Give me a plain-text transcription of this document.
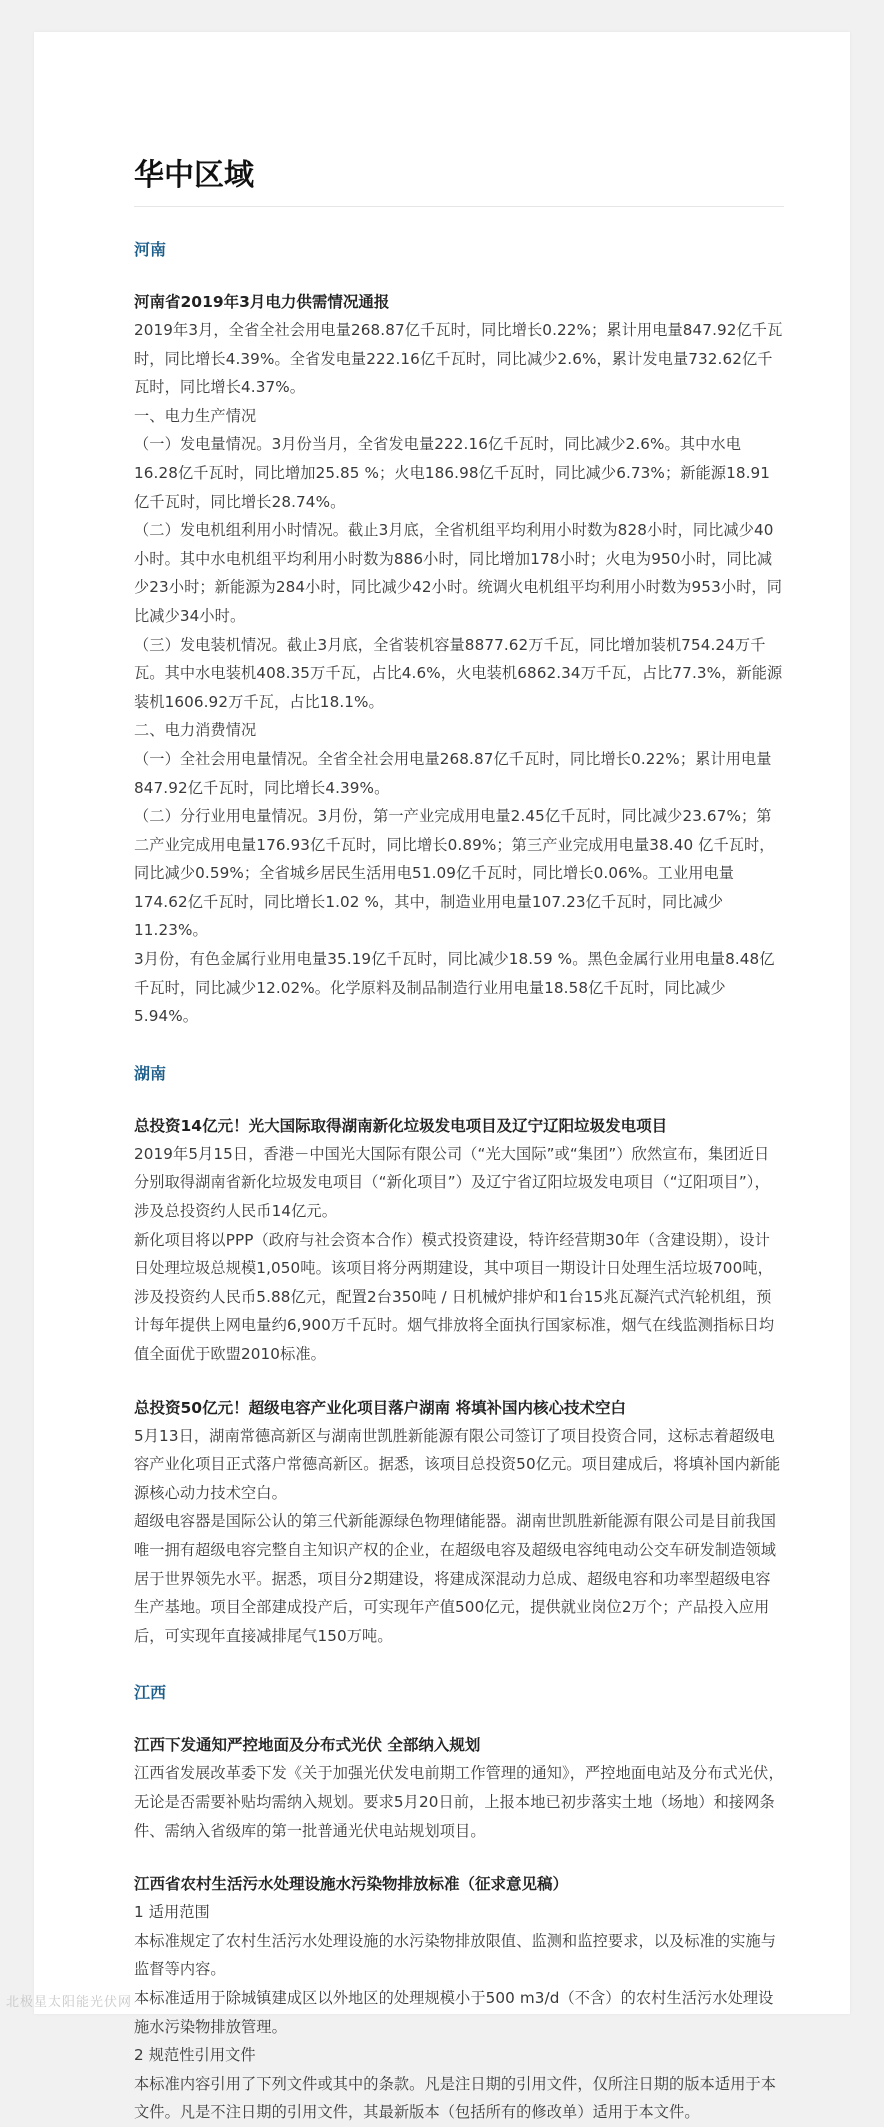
华中区域
河南

河南省2019年3月电力供需情况通报

2019年3月，全省全社会用电量268.87亿千瓦时，同比增长0.22%；累计用电量847.92亿千瓦时，同比增长4.39%。全省发电量222.16亿千瓦时，同比减少2.6%，累计发电量732.62亿千瓦时，同比增长4.37%。

一、电力生产情况

（一）发电量情况。3月份当月，全省发电量222.16亿千瓦时，同比减少2.6%。其中水电16.28亿千瓦时，同比增加25.85 %；火电186.98亿千瓦时，同比减少6.73%；新能源18.91亿千瓦时，同比增长28.74%。

（二）发电机组利用小时情况。截止3月底，全省机组平均利用小时数为828小时，同比减少40小时。其中水电机组平均利用小时数为886小时，同比增加178小时；火电为950小时，同比减少23小时；新能源为284小时，同比减少42小时。统调火电机组平均利用小时数为953小时，同比减少34小时。

（三）发电装机情况。截止3月底，全省装机容量8877.62万千瓦，同比增加装机754.24万千瓦。其中水电装机408.35万千瓦，占比4.6%，火电装机6862.34万千瓦，占比77.3%，新能源装机1606.92万千瓦，占比18.1%。

二、电力消费情况

（一）全社会用电量情况。全省全社会用电量268.87亿千瓦时，同比增长0.22%；累计用电量847.92亿千瓦时，同比增长4.39%。

（二）分行业用电量情况。3月份，第一产业完成用电量2.45亿千瓦时，同比减少23.67%；第二产业完成用电量176.93亿千瓦时，同比增长0.89%；第三产业完成用电量38.40 亿千瓦时，同比减少0.59%；全省城乡居民生活用电51.09亿千瓦时，同比增长0.06%。工业用电量174.62亿千瓦时，同比增长1.02 %，其中，制造业用电量107.23亿千瓦时，同比减少11.23%。

3月份，有色金属行业用电量35.19亿千瓦时，同比减少18.59 %。黑色金属行业用电量8.48亿千瓦时，同比减少12.02%。化学原料及制品制造行业用电量18.58亿千瓦时，同比减少5.94%。

湖南

总投资14亿元！光大国际取得湖南新化垃圾发电项目及辽宁辽阳垃圾发电项目

2019年5月15日，香港－中国光大国际有限公司（“光大国际”或“集团”）欣然宣布，集团近日分别取得湖南省新化垃圾发电项目（“新化项目”）及辽宁省辽阳垃圾发电项目（“辽阳项目”），涉及总投资约人民币14亿元。

新化项目将以PPP（政府与社会资本合作）模式投资建设，特许经营期30年（含建设期），设计日处理垃圾总规模1,050吨。该项目将分两期建设，其中项目一期设计日处理生活垃圾700吨，涉及投资约人民币5.88亿元，配置2台350吨 / 日机械炉排炉和1台15兆瓦凝汽式汽轮机组，预计每年提供上网电量约6,900万千瓦时。烟气排放将全面执行国家标准，烟气在线监测指标日均值全面优于欧盟2010标准。

总投资50亿元！超级电容产业化项目落户湖南 将填补国内核心技术空白

5月13日，湖南常德高新区与湖南世凯胜新能源有限公司签订了项目投资合同，这标志着超级电容产业化项目正式落户常德高新区。据悉，该项目总投资50亿元。项目建成后，将填补国内新能源核心动力技术空白。

超级电容器是国际公认的第三代新能源绿色物理储能器。湖南世凯胜新能源有限公司是目前我国唯一拥有超级电容完整自主知识产权的企业，在超级电容及超级电容纯电动公交车研发制造领域居于世界领先水平。据悉，项目分2期建设，将建成深混动力总成、超级电容和功率型超级电容生产基地。项目全部建成投产后，可实现年产值500亿元，提供就业岗位2万个；产品投入应用后，可实现年直接减排尾气150万吨。

江西

江西下发通知严控地面及分布式光伏 全部纳入规划

江西省发展改革委下发《关于加强光伏发电前期工作管理的通知》，严控地面电站及分布式光伏，无论是否需要补贴均需纳入规划。要求5月20日前，上报本地已初步落实土地（场地）和接网条件、需纳入省级库的第一批普通光伏电站规划项目。

江西省农村生活污水处理设施水污染物排放标准（征求意见稿）

1 适用范围

本标准规定了农村生活污水处理设施的水污染物排放限值、监测和监控要求，以及标准的实施与监督等内容。

本标准适用于除城镇建成区以外地区的处理规模小于500 m3/d（不含）的农村生活污水处理设施水污染物排放管理。

2 规范性引用文件

本标准内容引用了下列文件或其中的条款。凡是注日期的引用文件，仅所注日期的版本适用于本文件。凡是不注日期的引用文件，其最新版本（包括所有的修改单）适用于本文件。

北极星太阳能光伏网
